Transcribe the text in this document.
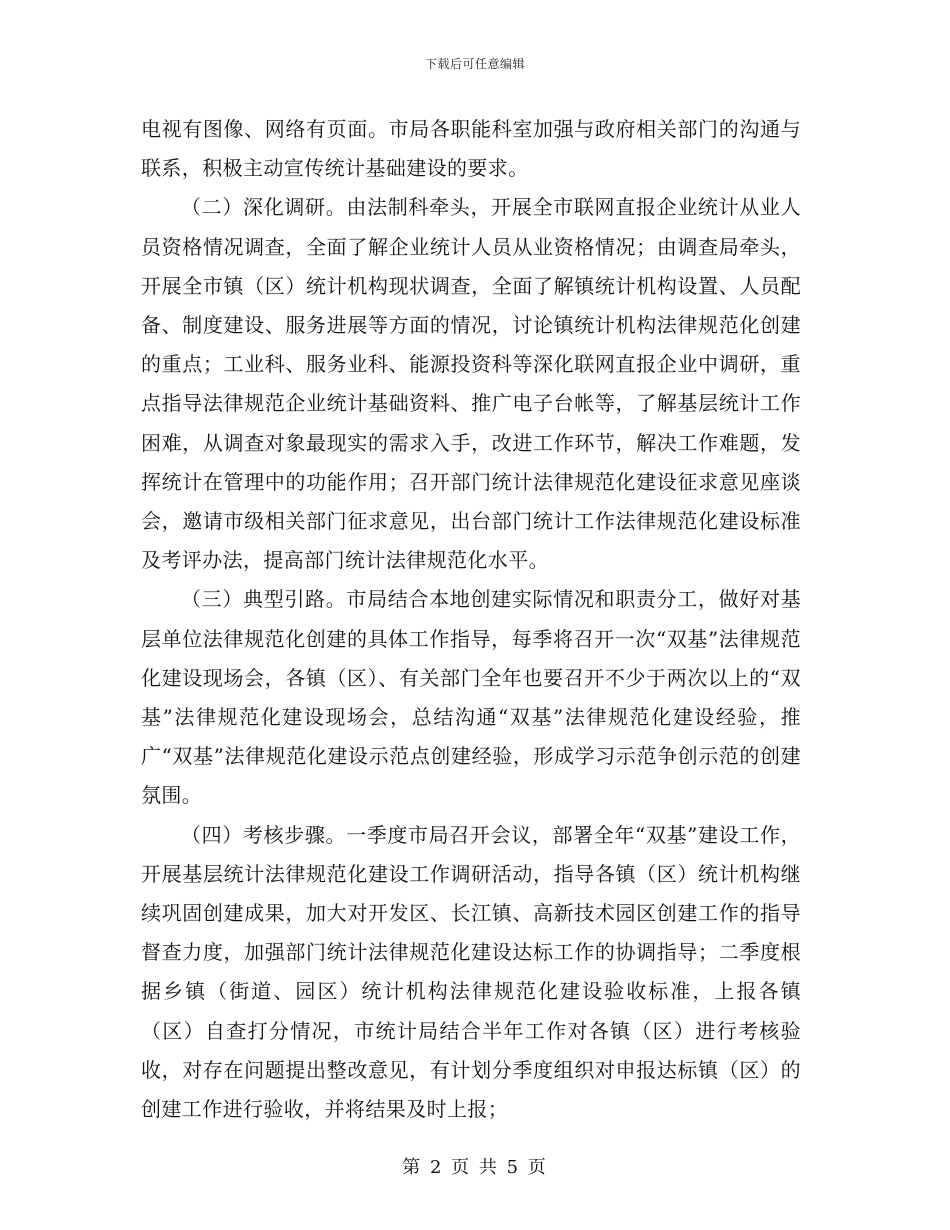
下载后可任意编辑

电视有图像、网络有页面。市局各职能科室加强与政府相关部门的沟通与联系，积极主动宣传统计基础建设的要求。

（二）深化调研。由法制科牵头，开展全市联网直报企业统计从业人员资格情况调查，全面了解企业统计人员从业资格情况；由调查局牵头，开展全市镇（区）统计机构现状调查，全面了解镇统计机构设置、人员配备、制度建设、服务进展等方面的情况，讨论镇统计机构法律规范化创建的重点；工业科、服务业科、能源投资科等深化联网直报企业中调研，重点指导法律规范企业统计基础资料、推广电子台帐等，了解基层统计工作困难，从调查对象最现实的需求入手，改进工作环节，解决工作难题，发挥统计在管理中的功能作用；召开部门统计法律规范化建设征求意见座谈会，邀请市级相关部门征求意见，出台部门统计工作法律规范化建设标准及考评办法，提高部门统计法律规范化水平。

（三）典型引路。市局结合本地创建实际情况和职责分工，做好对基层单位法律规范化创建的具体工作指导，每季将召开一次“双基”法律规范化建设现场会，各镇（区）、有关部门全年也要召开不少于两次以上的“双基”法律规范化建设现场会，总结沟通“双基”法律规范化建设经验，推广“双基”法律规范化建设示范点创建经验，形成学习示范争创示范的创建氛围。

（四）考核步骤。一季度市局召开会议，部署全年“双基”建设工作，开展基层统计法律规范化建设工作调研活动，指导各镇（区）统计机构继续巩固创建成果，加大对开发区、长江镇、高新技术园区创建工作的指导督查力度，加强部门统计法律规范化建设达标工作的协调指导；二季度根据乡镇（街道、园区）统计机构法律规范化建设验收标准，上报各镇（区）自查打分情况，市统计局结合半年工作对各镇（区）进行考核验收，对存在问题提出整改意见，有计划分季度组织对申报达标镇（区）的创建工作进行验收，并将结果及时上报；

第 2 页 共 5 页
